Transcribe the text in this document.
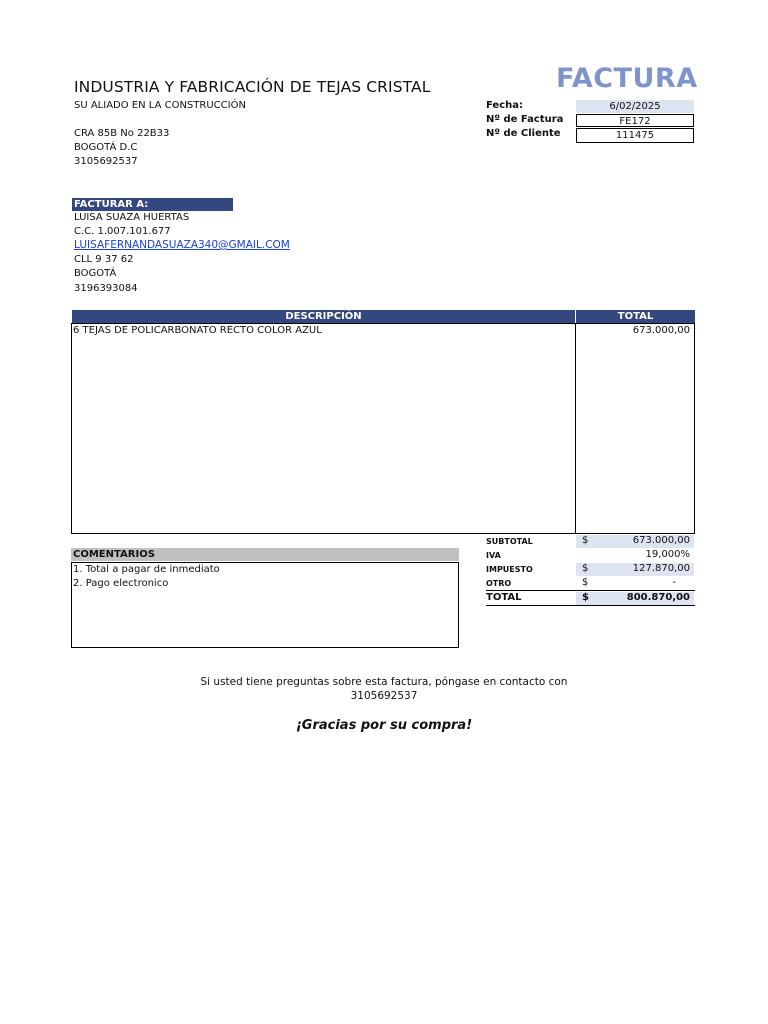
INDUSTRIA Y FABRICACIÓN DE TEJAS CRISTAL
SU ALIADO EN LA CONSTRUCCIÓN
CRA 85B No 22B33
BOGOTÁ D.C
3105692537
FACTURA
Fecha:	6/02/2025
Nº de Factura	FE172
Nº de Cliente	111475
FACTURAR A:
LUISA SUAZA HUERTAS
C.C. 1.007.101.677
LUISAFERNANDASUAZA340@GMAIL.COM
CLL 9 37 62
BOGOTÁ
3196393084
DESCRIPCIÓN	TOTAL
6 TEJAS DE POLICARBONATO RECTO COLOR AZUL	673.000,00
SUBTOTAL	$	673.000,00
IVA	19,000%
IMPUESTO	$	127.870,00
OTRO	$	-
TOTAL	$	800.870,00
COMENTARIOS
1. Total a pagar de inmediato
2. Pago electronico
Si usted tiene preguntas sobre esta factura, póngase en contacto con
3105692537
¡Gracias por su compra!
